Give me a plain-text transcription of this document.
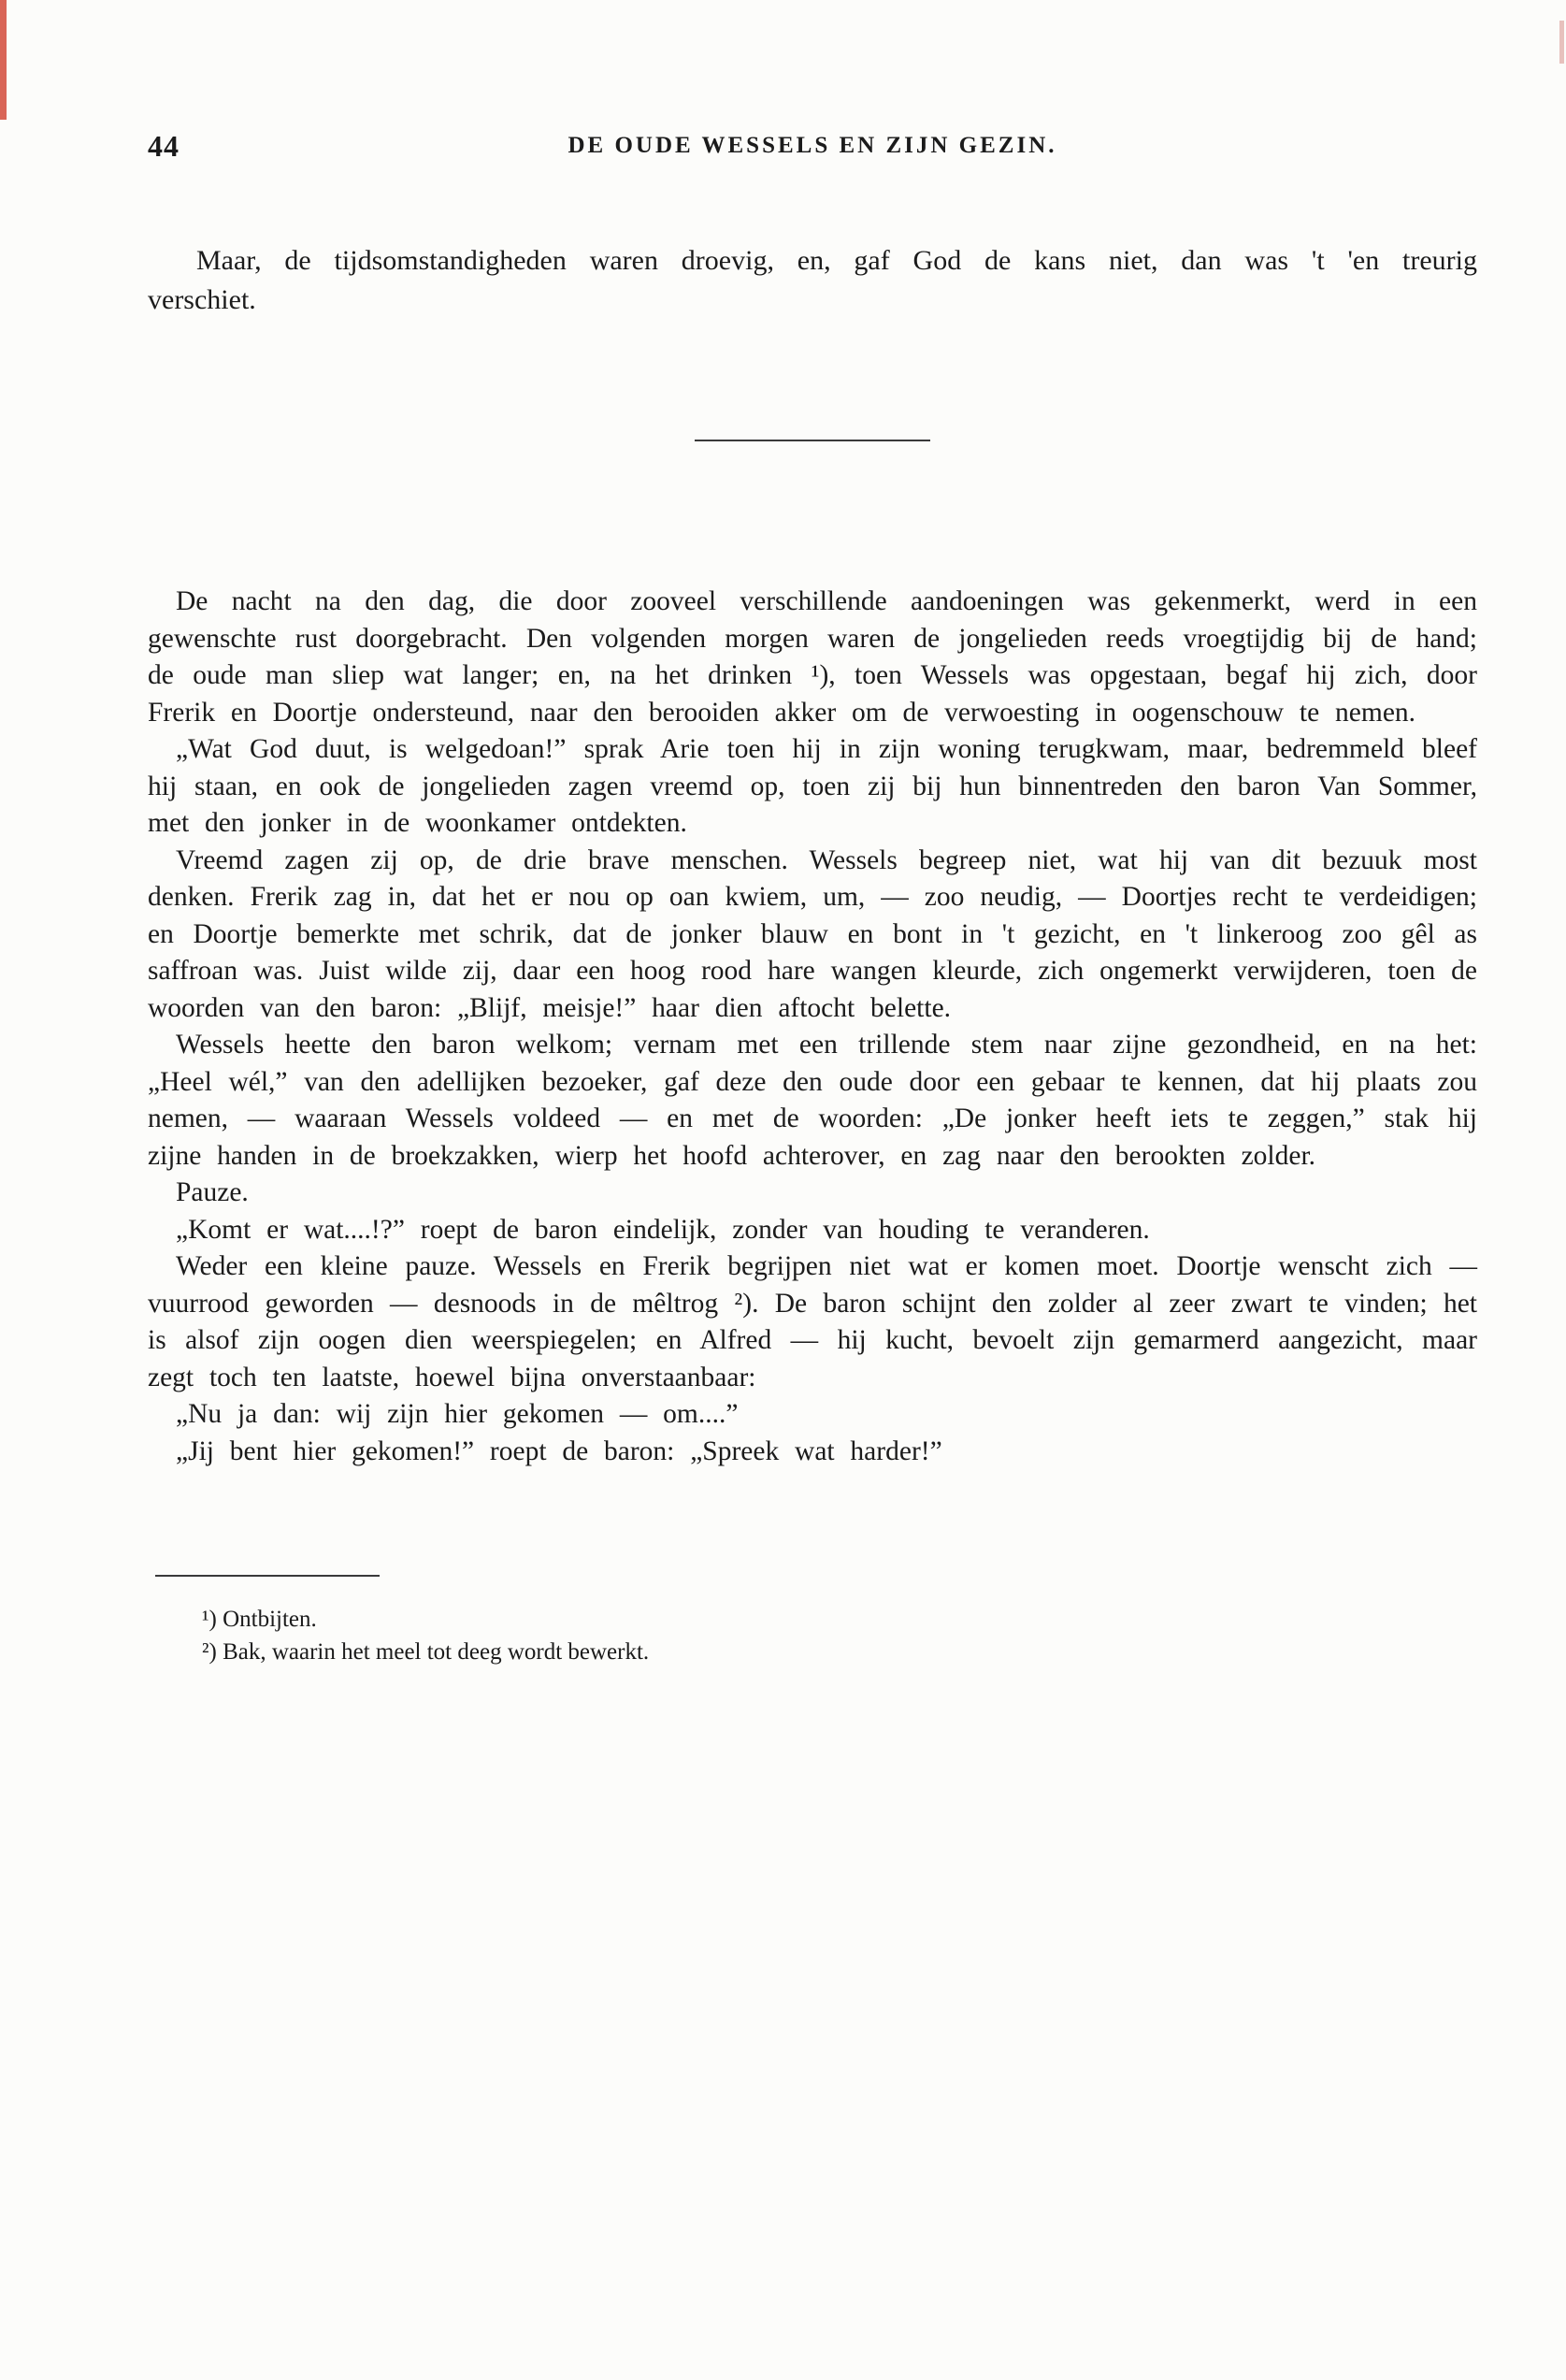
44	DE OUDE WESSELS EN ZIJN GEZIN.

Maar, de tijdsomstandigheden waren droevig, en, gaf God de kans niet, dan was 't 'en treurig verschiet.

De nacht na den dag, die door zooveel verschillende aandoeningen was gekenmerkt, werd in een gewenschte rust doorgebracht. Den volgenden morgen waren de jongelieden reeds vroegtijdig bij de hand; de oude man sliep wat langer; en, na het drinken ¹), toen Wessels was opgestaan, begaf hij zich, door Frerik en Doortje ondersteund, naar den berooiden akker om de verwoesting in oogenschouw te nemen.

„Wat God duut, is welgedoan!” sprak Arie toen hij in zijn woning terugkwam, maar, bedremmeld bleef hij staan, en ook de jongelieden zagen vreemd op, toen zij bij hun binnentreden den baron Van Sommer, met den jonker in de woonkamer ontdekten.

Vreemd zagen zij op, de drie brave menschen. Wessels begreep niet, wat hij van dit bezuuk most denken. Frerik zag in, dat het er nou op oan kwiem, um, — zoo neudig, — Doortjes recht te verdeidigen; en Doortje bemerkte met schrik, dat de jonker blauw en bont in 't gezicht, en 't linkeroog zoo gêl as saffroan was. Juist wilde zij, daar een hoog rood hare wangen kleurde, zich ongemerkt verwijderen, toen de woorden van den baron: „Blijf, meisje!” haar dien aftocht belette.

Wessels heette den baron welkom; vernam met een trillende stem naar zijne gezondheid, en na het: „Heel wél,” van den adellijken bezoeker, gaf deze den oude door een gebaar te kennen, dat hij plaats zou nemen, — waaraan Wessels voldeed — en met de woorden: „De jonker heeft iets te zeggen,” stak hij zijne handen in de broekzakken, wierp het hoofd achterover, en zag naar den berookten zolder.

Pauze.

„Komt er wat....!?” roept de baron eindelijk, zonder van houding te veranderen.

Weder een kleine pauze. Wessels en Frerik begrijpen niet wat er komen moet. Doortje wenscht zich — vuurrood geworden — desnoods in de mêltrog ²). De baron schijnt den zolder al zeer zwart te vinden; het is alsof zijn oogen dien weerspiegelen; en Alfred — hij kucht, bevoelt zijn gemarmerd aangezicht, maar zegt toch ten laatste, hoewel bijna onverstaanbaar:

„Nu ja dan: wij zijn hier gekomen — om....”

„Jij bent hier gekomen!” roept de baron: „Spreek wat harder!”

¹) Ontbijten.

²) Bak, waarin het meel tot deeg wordt bewerkt.
